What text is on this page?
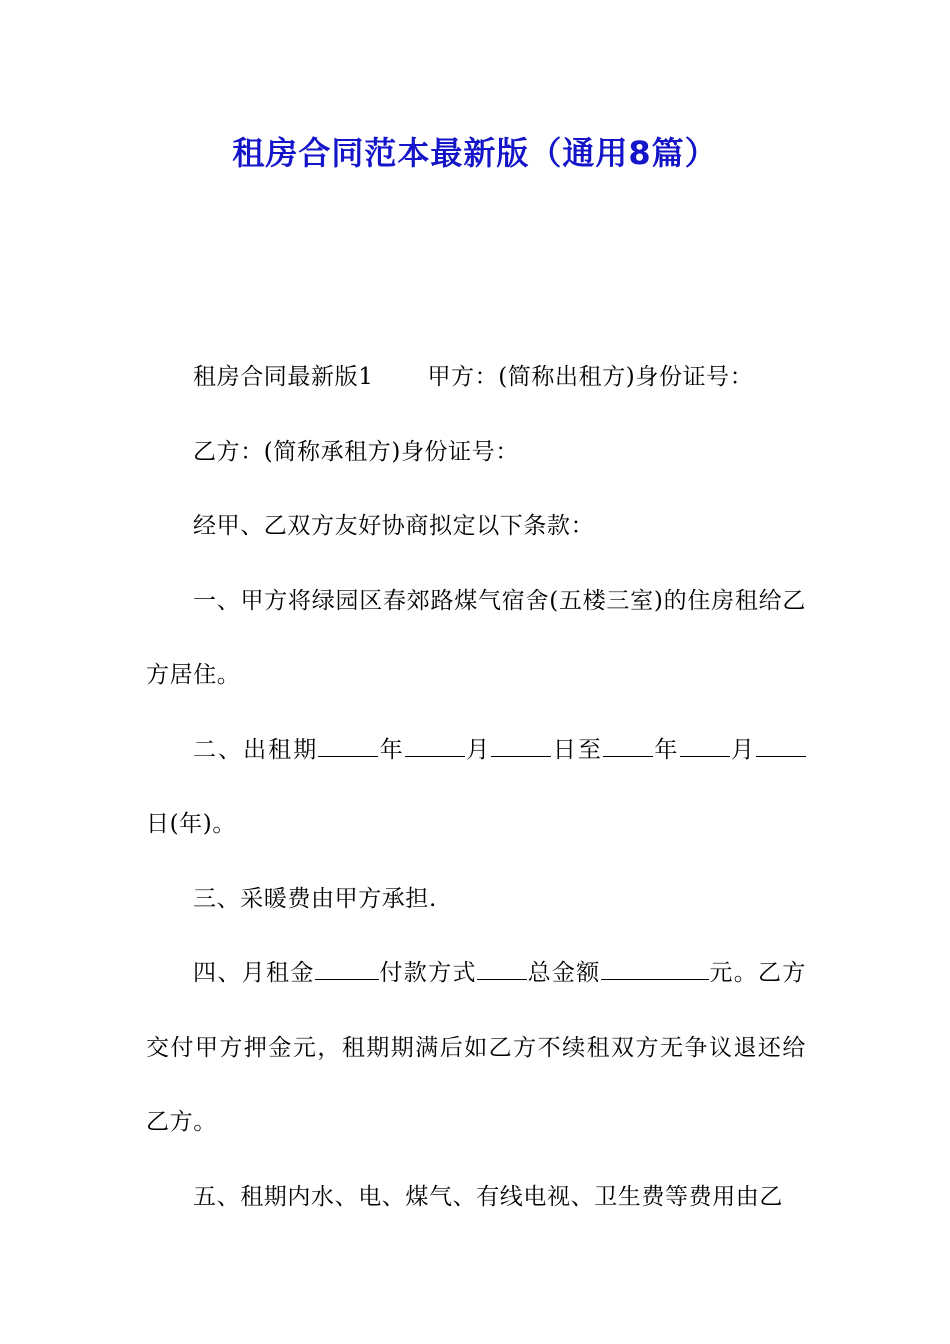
租房合同范本最新版（通用8篇）

租房合同最新版1 甲方：(简称出租方)身份证号：

乙方：(简称承租方)身份证号：

经甲、乙双方友好协商拟定以下条款：

一、甲方将绿园区春郊路煤气宿舍(五楼三室)的住房租给乙方居住。

二、出租期	年	月	日至 年 月日(年)。

三、采暖费由甲方承担.

四、月租金	付款方式 总金额	元。乙方交付甲方押金元，租期期满后如乙方不续租双方无争议退还给乙方。

五、租期内水、电、煤气、有线电视、卫生费等费用由乙
